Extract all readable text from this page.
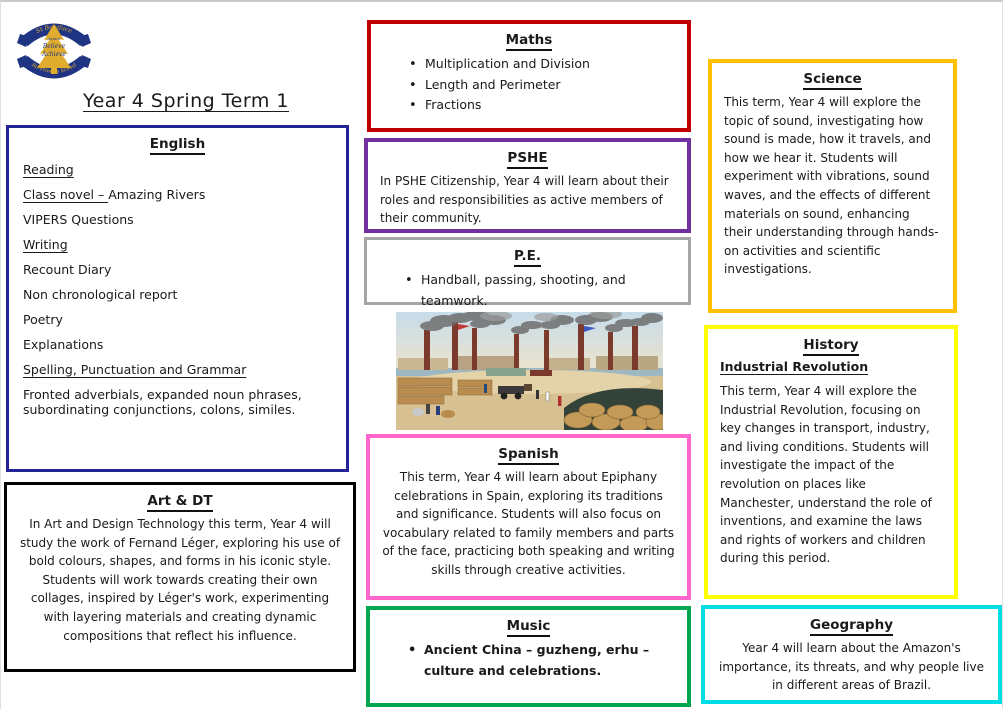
St Boniface
Aspire
Believe
Achieve
RC Primary School
Year 4 Spring Term 1
English
Reading
Class novel – Amazing Rivers
VIPERS Questions
Writing
Recount Diary
Non chronological report
Poetry
Explanations
Spelling, Punctuation and Grammar
Fronted adverbials, expanded noun phrases, subordinating conjunctions, colons, similes.
Art & DT
In Art and Design Technology this term, Year 4 will study the work of Fernand Léger, exploring his use of bold colours, shapes, and forms in his iconic style. Students will work towards creating their own collages, inspired by Léger's work, experimenting with layering materials and creating dynamic compositions that reflect his influence.
Maths
• Multiplication and Division
• Length and Perimeter
• Fractions
PSHE
In PSHE Citizenship, Year 4 will learn about their roles and responsibilities as active members of their community.
P.E.
• Handball, passing, shooting, and teamwork.
Spanish
This term, Year 4 will learn about Epiphany celebrations in Spain, exploring its traditions and significance. Students will also focus on vocabulary related to family members and parts of the face, practicing both speaking and writing skills through creative activities.
Music
• Ancient China – guzheng, erhu – culture and celebrations.
Science
This term, Year 4 will explore the topic of sound, investigating how sound is made, how it travels, and how we hear it. Students will experiment with vibrations, sound waves, and the effects of different materials on sound, enhancing their understanding through hands-on activities and scientific investigations.
History
Industrial Revolution
This term, Year 4 will explore the Industrial Revolution, focusing on key changes in transport, industry, and living conditions. Students will investigate the impact of the revolution on places like Manchester, understand the role of inventions, and examine the laws and rights of workers and children during this period.
Geography
Year 4 will learn about the Amazon's importance, its threats, and why people live in different areas of Brazil.
